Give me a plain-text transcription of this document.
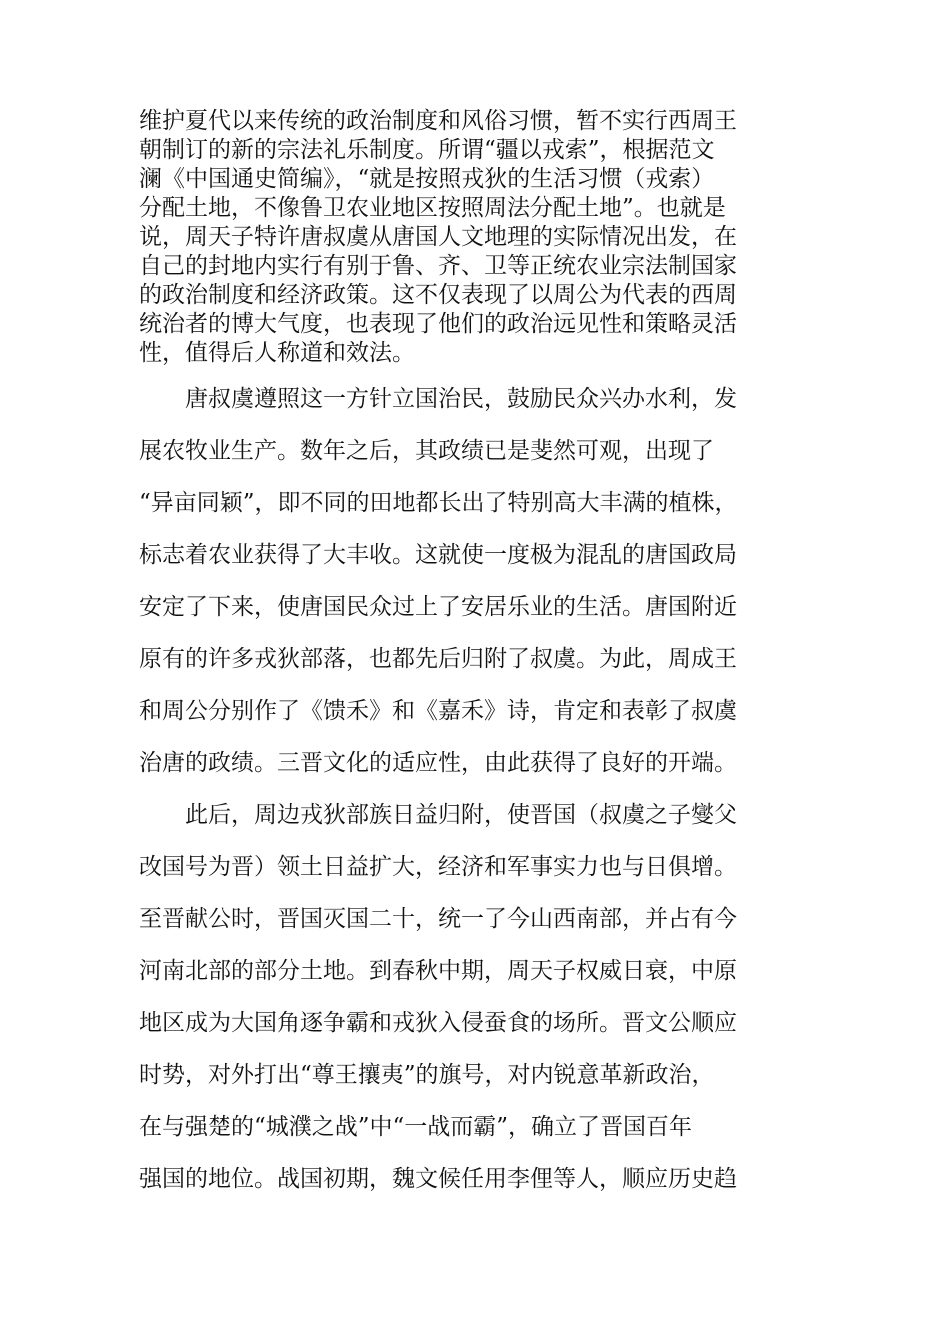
维护夏代以来传统的政治制度和风俗习惯，暂不实行西周王

朝制订的新的宗法礼乐制度。所谓“疆以戎索”，根据范文

澜《中国通史简编》，“就是按照戎狄的生活习惯（戎索）

分配土地，不像鲁卫农业地区按照周法分配土地”。也就是

说，周天子特许唐叔虞从唐国人文地理的实际情况出发，在

自己的封地内实行有别于鲁、齐、卫等正统农业宗法制国家

的政治制度和经济政策。这不仅表现了以周公为代表的西周

统治者的博大气度，也表现了他们的政治远见性和策略灵活

性，值得后人称道和效法。

唐叔虞遵照这一方针立国治民，鼓励民众兴办水利，发

展农牧业生产。数年之后，其政绩已是斐然可观，出现了

“异亩同颖”，即不同的田地都长出了特别高大丰满的植株，

标志着农业获得了大丰收。这就使一度极为混乱的唐国政局

安定了下来，使唐国民众过上了安居乐业的生活。唐国附近

原有的许多戎狄部落，也都先后归附了叔虞。为此，周成王

和周公分别作了《馈禾》和《嘉禾》诗，肯定和表彰了叔虞

治唐的政绩。三晋文化的适应性，由此获得了良好的开端。

此后，周边戎狄部族日益归附，使晋国（叔虞之子燮父

改国号为晋）领土日益扩大，经济和军事实力也与日俱增。

至晋献公时，晋国灭国二十，统一了今山西南部，并占有今

河南北部的部分土地。到春秋中期，周天子权威日衰，中原

地区成为大国角逐争霸和戎狄入侵蚕食的场所。晋文公顺应

时势，对外打出“尊王攘夷”的旗号，对内锐意革新政治，

在与强楚的“城濮之战”中“一战而霸”，确立了晋国百年

强国的地位。战国初期，魏文候任用李俚等人，顺应历史趋
